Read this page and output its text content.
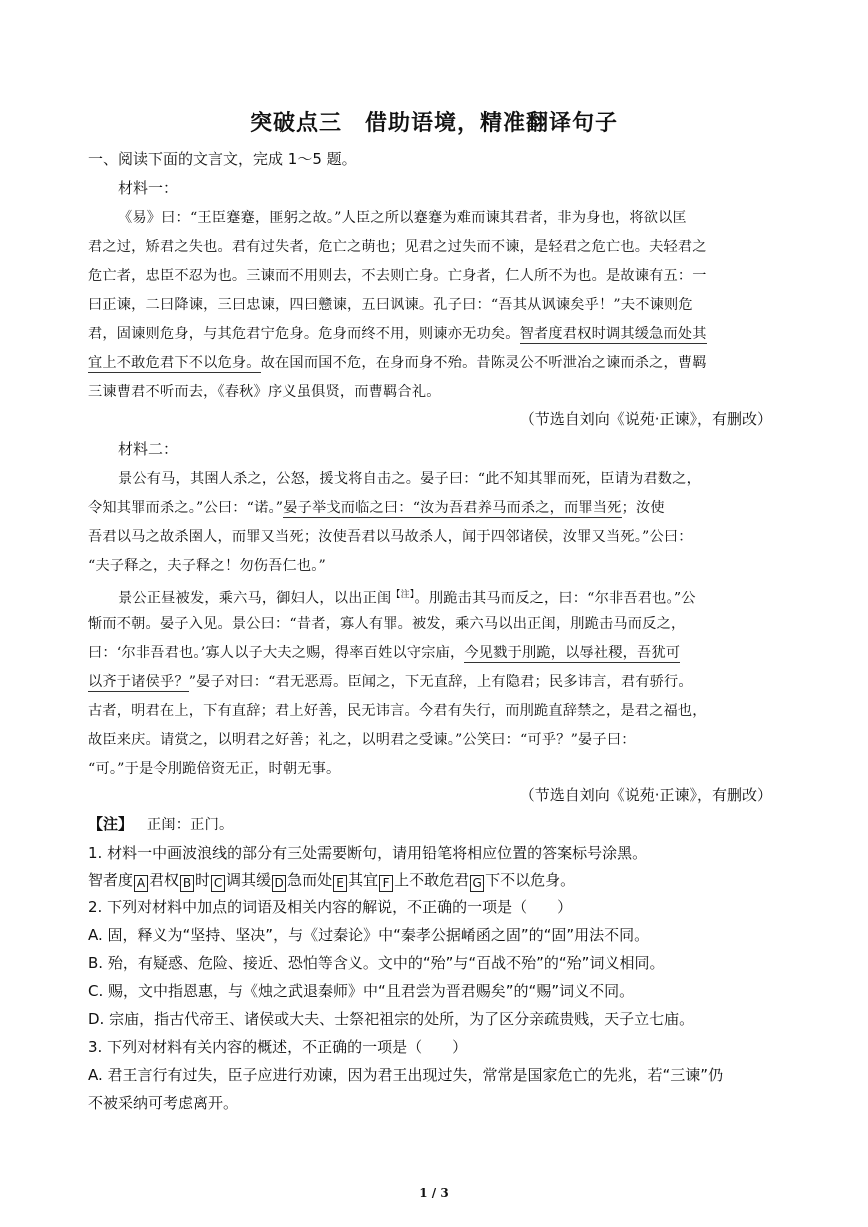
突破点三　借助语境，精准翻译句子
一、阅读下面的文言文，完成 1～5 题。
材料一：
《易》曰：“王臣蹇蹇，匪躬之故。”人臣之所以蹇蹇为难而谏其君者，非为身也，将欲以匡
君之过，矫君之失也。君有过失者，危亡之萌也；见君之过失而不谏，是轻君之危亡也。夫轻君之
危亡者，忠臣不忍为也。三谏而不用则去，不去则亡身。亡身者，仁人所不为也。是故谏有五：一
曰正谏，二曰降谏，三曰忠谏，四曰戆谏，五曰讽谏。孔子曰：“吾其从讽谏矣乎！”夫不谏则危
君，固谏则危身，与其危君宁危身。危身而终不用，则谏亦无功矣。智者度君权时调其缓急而处其
宜上不敢危君下不以危身。故在国而国不危，在身而身不殆。昔陈灵公不听泄冶之谏而杀之，曹羁
三谏曹君不听而去，《春秋》序义虽俱贤，而曹羁合礼。
（节选自刘向《说苑·正谏》，有删改）
材料二：
景公有马，其圉人杀之，公怒，援戈将自击之。晏子曰：“此不知其罪而死，臣请为君数之，
令知其罪而杀之。”公曰：“诺。”晏子举戈而临之曰：“汝为吾君养马而杀之，而罪当死；汝使
吾君以马之故杀圉人，而罪又当死；汝使吾君以马故杀人，闻于四邻诸侯，汝罪又当死。”公曰：
“夫子释之，夫子释之！勿伤吾仁也。”
景公正昼被发，乘六马，御妇人，以出正闺$^{【注】}$。刖跪击其马而反之，曰：“尔非吾君也。”公
惭而不朝。晏子入见。景公曰：“昔者，寡人有罪。被发，乘六马以出正闺，刖跪击马而反之，
曰：‘尔非吾君也。’寡人以子大夫之赐，得率百姓以守宗庙，今见戮于刖跪，以辱社稷，吾犹可
以齐于诸侯乎？”晏子对曰：“君无恶焉。臣闻之，下无直辞，上有隐君；民多讳言，君有骄行。
古者，明君在上，下有直辞；君上好善，民无讳言。今君有失行，而刖跪直辞禁之，是君之福也，
故臣来庆。请赏之，以明君之好善；礼之，以明君之受谏。”公笑曰：“可乎？”晏子曰：
“可。”于是令刖跪倍资无正，时朝无事。
（节选自刘向《说苑·正谏》，有删改）
【注】 正闺：正门。
1. 材料一中画波浪线的部分有三处需要断句，请用铅笔将相应位置的答案标号涂黑。
智者度 A 君权 B 时 C 调其缓 D 急而处 E 其宜 F 上不敢危君 G 下不以危身。
2. 下列对材料中加点的词语及相关内容的解说，不正确的一项是（　　）
A. 固，释义为“坚持、坚决”，与《过秦论》中“秦孝公据崤函之固”的“固”用法不同。
B. 殆，有疑惑、危险、接近、恐怕等含义。文中的“殆”与“百战不殆”的“殆”词义相同。
C. 赐，文中指恩惠，与《烛之武退秦师》中“且君尝为晋君赐矣”的“赐”词义不同。
D. 宗庙，指古代帝王、诸侯或大夫、士祭祀祖宗的处所，为了区分亲疏贵贱，天子立七庙。
3. 下列对材料有关内容的概述，不正确的一项是（　　）
A. 君王言行有过失，臣子应进行劝谏，因为君王出现过失，常常是国家危亡的先兆，若“三谏”仍
不被采纳可考虑离开。
1 / 3
